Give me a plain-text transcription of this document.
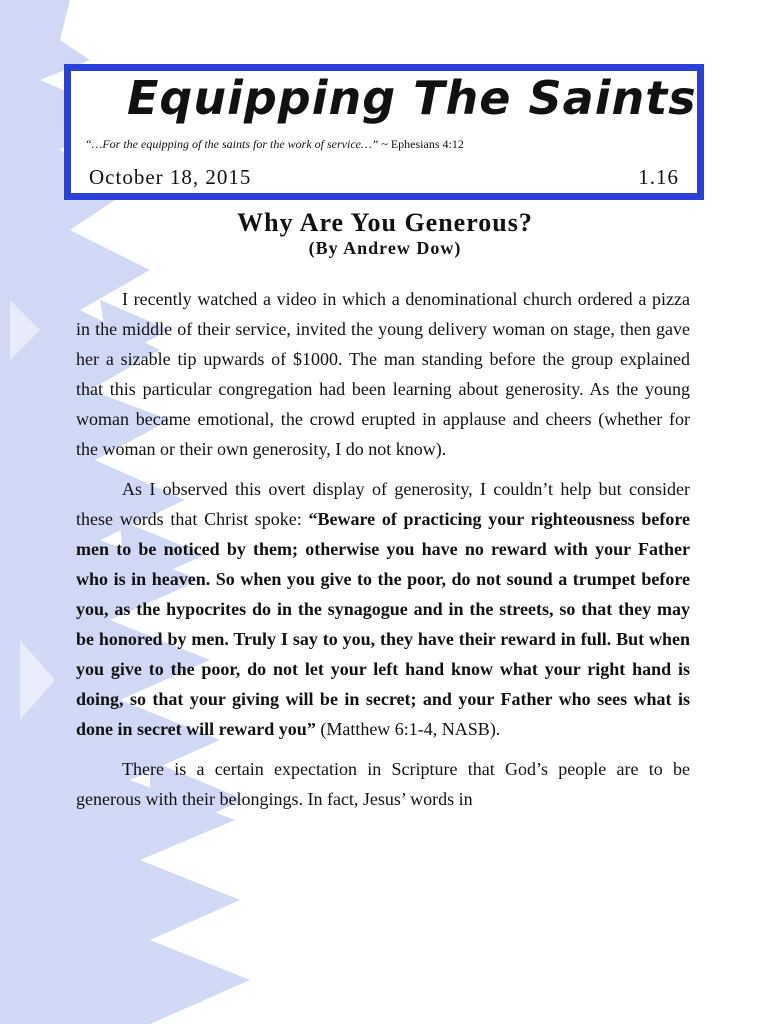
Equipping The Saints
“…For the equipping of the saints for the work of service…” ~ Ephesians 4:12
October 18, 2015	1.16
Why Are You Generous?
(By Andrew Dow)

I recently watched a video in which a denominational church ordered a pizza in the middle of their service, invited the young delivery woman on stage, then gave her a sizable tip upwards of $1000. The man standing before the group explained that this particular congregation had been learning about generosity. As the young woman became emotional, the crowd erupted in applause and cheers (whether for the woman or their own generosity, I do not know).

As I observed this overt display of generosity, I couldn’t help but consider these words that Christ spoke: “Beware of practicing your righteousness before men to be noticed by them; otherwise you have no reward with your Father who is in heaven. So when you give to the poor, do not sound a trumpet before you, as the hypocrites do in the synagogue and in the streets, so that they may be honored by men. Truly I say to you, they have their reward in full. But when you give to the poor, do not let your left hand know what your right hand is doing, so that your giving will be in secret; and your Father who sees what is done in secret will reward you” (Matthew 6:1-4, NASB).

There is a certain expectation in Scripture that God’s people are to be generous with their belongings. In fact, Jesus’ words in
